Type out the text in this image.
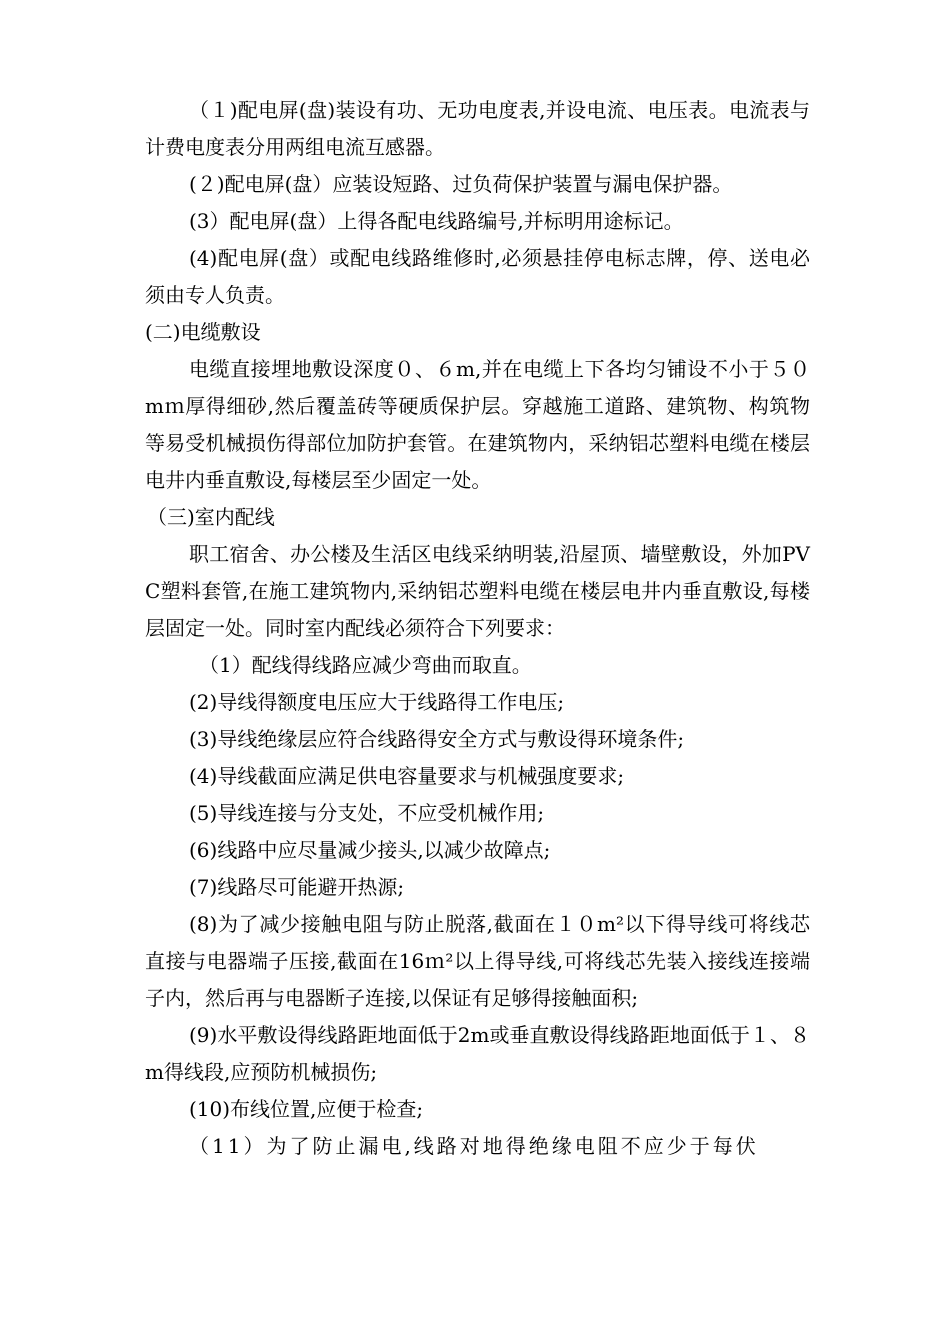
（１)配电屏(盘)装设有功、无功电度表,并设电流、电压表。电流表与计费电度表分用两组电流互感器。

(２)配电屏(盘）应装设短路、过负荷保护装置与漏电保护器。

(3）配电屏(盘）上得各配电线路编号,并标明用途标记。

(4)配电屏(盘）或配电线路维修时,必须悬挂停电标志牌，停、送电必须由专人负责。

(二)电缆敷设

电缆直接埋地敷设深度０、６m,并在电缆上下各均匀铺设不小于５０mｍ厚得细砂,然后覆盖砖等硬质保护层。穿越施工道路、建筑物、构筑物等易受机械损伤得部位加防护套管。在建筑物内，采纳铝芯塑料电缆在楼层电井内垂直敷设,每楼层至少固定一处。

（三)室内配线

职工宿舍、办公楼及生活区电线采纳明装,沿屋顶、墙壁敷设，外加PVC塑料套管,在施工建筑物内,采纳铝芯塑料电缆在楼层电井内垂直敷设,每楼层固定一处。同时室内配线必须符合下列要求：

（1）配线得线路应减少弯曲而取直。

(2)导线得额度电压应大于线路得工作电压;

(3)导线绝缘层应符合线路得安全方式与敷设得环境条件;

(4)导线截面应满足供电容量要求与机械强度要求;

(5)导线连接与分支处，不应受机械作用;

(6)线路中应尽量减少接头,以减少故障点;

(7)线路尽可能避开热源;

(8)为了减少接触电阻与防止脱落,截面在１０m²以下得导线可将线芯直接与电器端子压接,截面在16ｍ²以上得导线,可将线芯先装入接线连接端子内，然后再与电器断子连接,以保证有足够得接触面积;

(9)水平敷设得线路距地面低于2m或垂直敷设得线路距地面低于１、８m得线段,应预防机械损伤;

(10)布线位置,应便于检查;

（11）为了防止漏电,线路对地得绝缘电阻不应少于每伏
